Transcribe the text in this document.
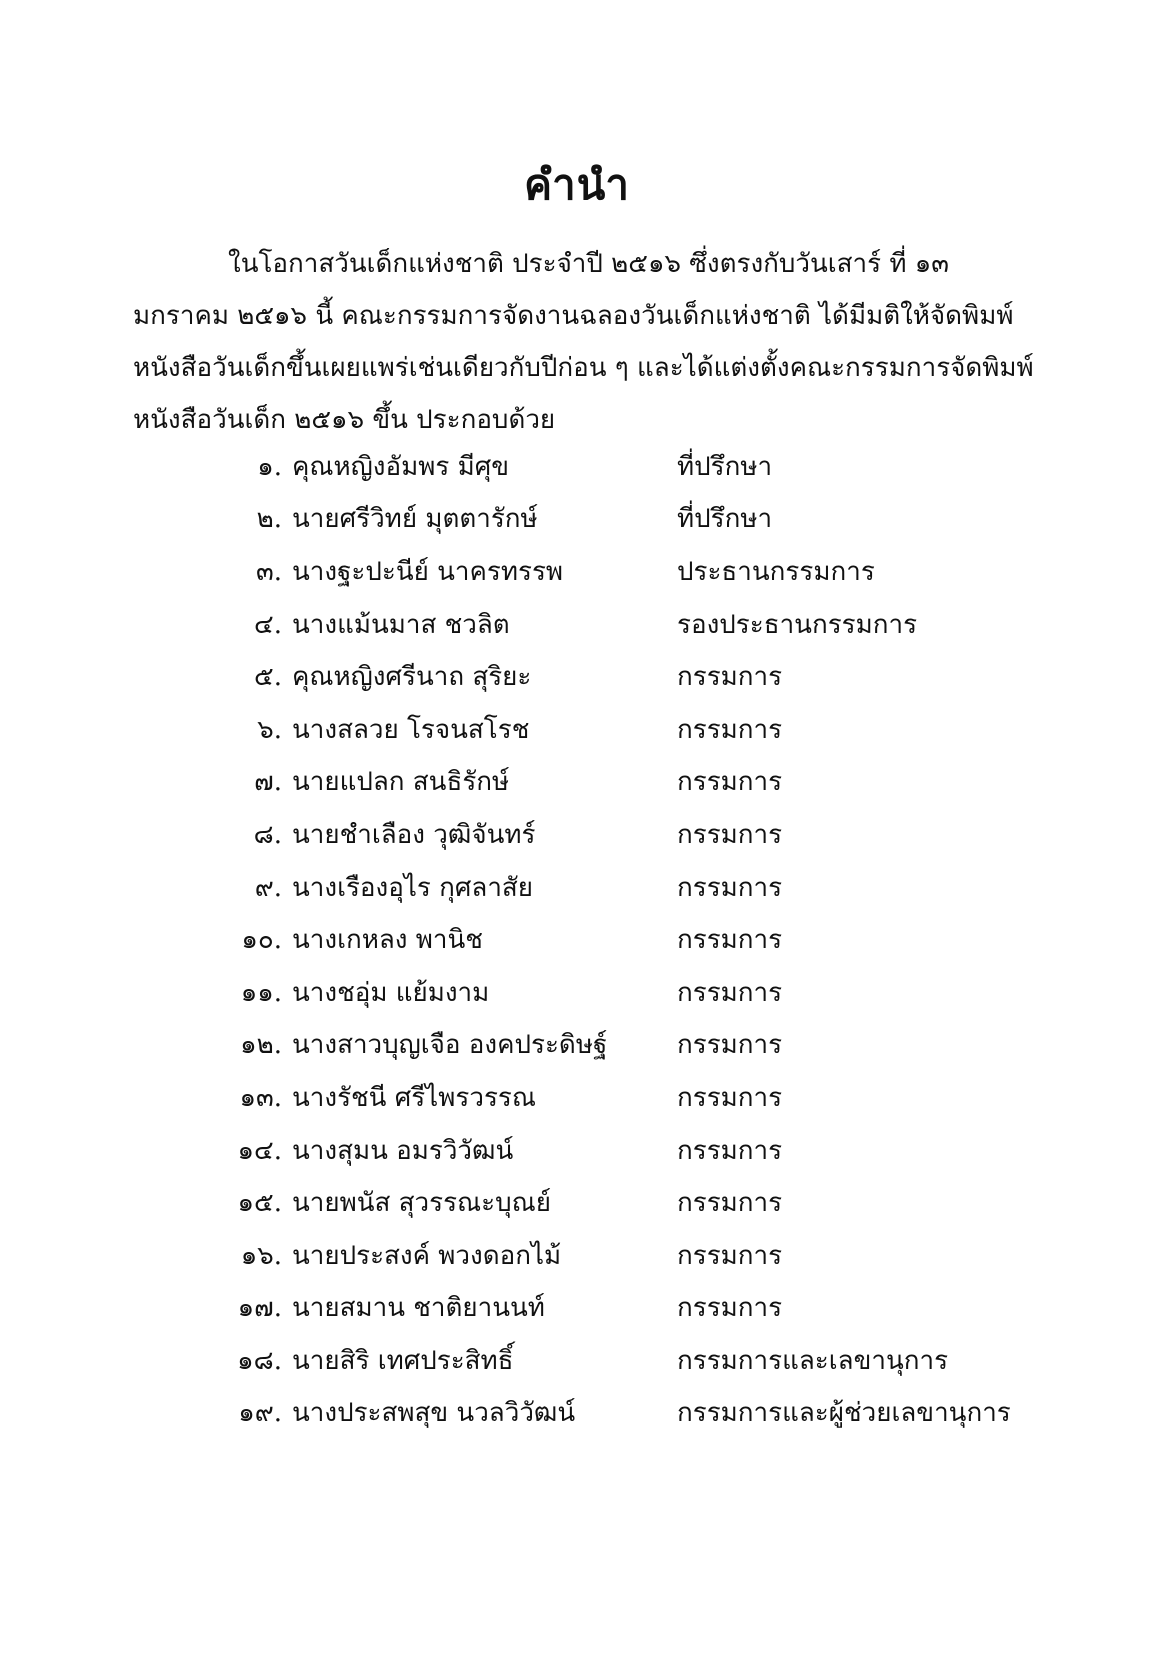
คำนำ
ในโอกาสวันเด็กแห่งชาติ ประจำปี ๒๕๑๖ ซึ่งตรงกับวันเสาร์ ที่ ๑๓
มกราคม ๒๕๑๖ นี้ คณะกรรมการจัดงานฉลองวันเด็กแห่งชาติ ได้มีมติให้จัดพิมพ์
หนังสือวันเด็กขึ้นเผยแพร่เช่นเดียวกับปีก่อน ๆ และได้แต่งตั้งคณะกรรมการจัดพิมพ์
หนังสือวันเด็ก ๒๕๑๖ ขึ้น ประกอบด้วย
๑. คุณหญิงอัมพร มีศุข	ที่ปรึกษา
๒. นายศรีวิทย์ มุตตารักษ์	ที่ปรึกษา
๓. นางฐะปะนีย์ นาครทรรพ	ประธานกรรมการ
๔. นางแม้นมาส ชวลิต	รองประธานกรรมการ
๕. คุณหญิงศรีนาถ สุริยะ	กรรมการ
๖. นางสลวย โรจนสโรช	กรรมการ
๗. นายแปลก สนธิรักษ์	กรรมการ
๘. นายชำเลือง วุฒิจันทร์	กรรมการ
๙. นางเรืองอุไร กุศลาสัย	กรรมการ
๑๐. นางเกหลง พานิช	กรรมการ
๑๑. นางชอุ่ม แย้มงาม	กรรมการ
๑๒. นางสาวบุญเจือ องคประดิษฐ์	กรรมการ
๑๓. นางรัชนี ศรีไพรวรรณ	กรรมการ
๑๔. นางสุมน อมรวิวัฒน์	กรรมการ
๑๕. นายพนัส สุวรรณะบุณย์	กรรมการ
๑๖. นายประสงค์ พวงดอกไม้	กรรมการ
๑๗. นายสมาน ชาติยานนท์	กรรมการ
๑๘. นายสิริ เทศประสิทธิ์	กรรมการและเลขานุการ
๑๙. นางประสพสุข นวลวิวัฒน์	กรรมการและผู้ช่วยเลขานุการ
